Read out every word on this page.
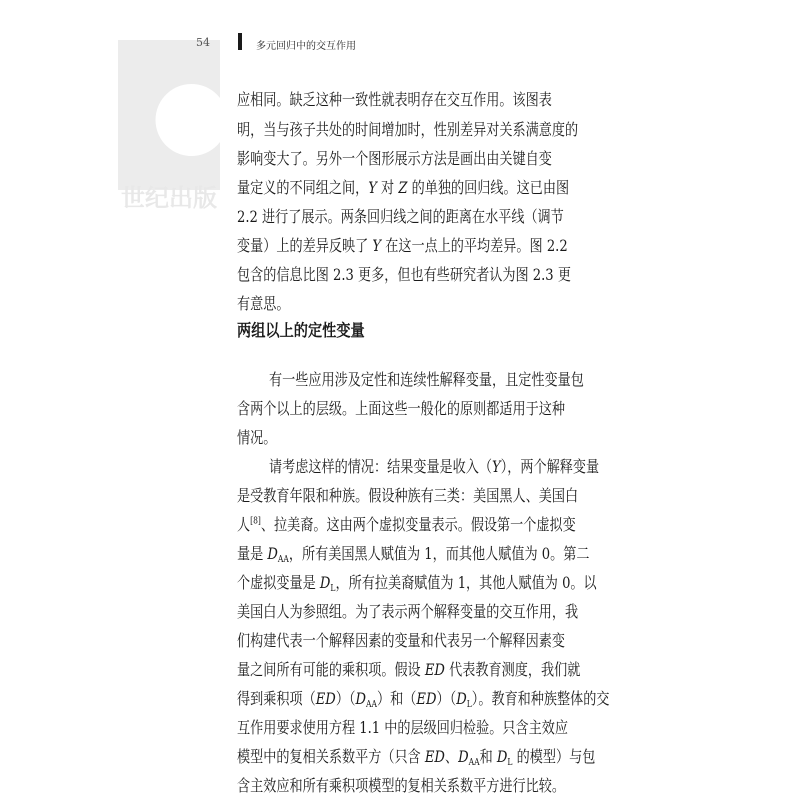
世纪出版
54	多元回归中的交互作用
应相同。缺乏这种一致性就表明存在交互作用。该图表
明，当与孩子共处的时间增加时，性别差异对关系满意度的
影响变大了。另外一个图形展示方法是画出由关键自变
量定义的不同组之间，Y 对 Z 的单独的回归线。这已由图
2.2 进行了展示。两条回归线之间的距离在水平线（调节
变量）上的差异反映了 Y 在这一点上的平均差异。图 2.2
包含的信息比图 2.3 更多，但也有些研究者认为图 2.3 更
有意思。
两组以上的定性变量
有一些应用涉及定性和连续性解释变量，且定性变量包
含两个以上的层级。上面这些一般化的原则都适用于这种
情况。
请考虑这样的情况：结果变量是收入（Y），两个解释变量
是受教育年限和种族。假设种族有三类：美国黑人、美国白
人[8]、拉美裔。这由两个虚拟变量表示。假设第一个虚拟变
量是 $D_{AA}$，所有美国黑人赋值为 1，而其他人赋值为 0。第二
个虚拟变量是 $D_L$，所有拉美裔赋值为 1，其他人赋值为 0。以
美国白人为参照组。为了表示两个解释变量的交互作用，我
们构建代表一个解释因素的变量和代表另一个解释因素变
量之间所有可能的乘积项。假设 ED 代表教育测度，我们就
得到乘积项$(ED)(D_{AA})$和$(ED)(D_L)$。教育和种族整体的交
互作用要求使用方程 1.1 中的层级回归检验。只含主效应
模型中的复相关系数平方（只含 ED、$D_{AA}$和 $D_L$ 的模型）与包
含主效应和所有乘积项模型的复相关系数平方进行比较。
